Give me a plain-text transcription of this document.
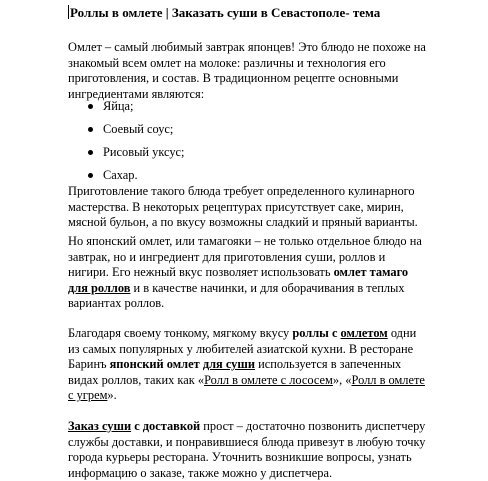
Роллы в омлете | Заказать суши в Севастополе- тема

Омлет – самый любимый завтрак японцев! Это блюдо не похоже на знакомый всем омлет на молоке: различны и технология его приготовления, и состав. В традиционном рецепте основными ингредиентами являются:

Яйца;
Соевый соус;
Рисовый уксус;
Сахар.

Приготовление такого блюда требует определенного кулинарного мастерства. В некоторых рецептурах присутствует саке, мирин, мясной бульон, а по вкусу возможны сладкий и пряный варианты.

Но японский омлет, или тамагояки – не только отдельное блюдо на завтрак, но и ингредиент для приготовления суши, роллов и нигири. Его нежный вкус позволяет использовать омлет тамаго для роллов и в качестве начинки, и для оборачивания в теплых вариантах роллов.

Благодаря своему тонкому, мягкому вкусу роллы с омлетом одни из самых популярных у любителей азиатской кухни. В ресторане Баринъ японский омлет для суши используется в запеченных видах роллов, таких как «Ролл в омлете с лососем», «Ролл в омлете с угрем».

Заказ суши с доставкой прост – достаточно позвонить диспетчеру службы доставки, и понравившиеся блюда привезут в любую точку города курьеры ресторана. Уточнить возникшие вопросы, узнать информацию о заказе, также можно у диспетчера.
